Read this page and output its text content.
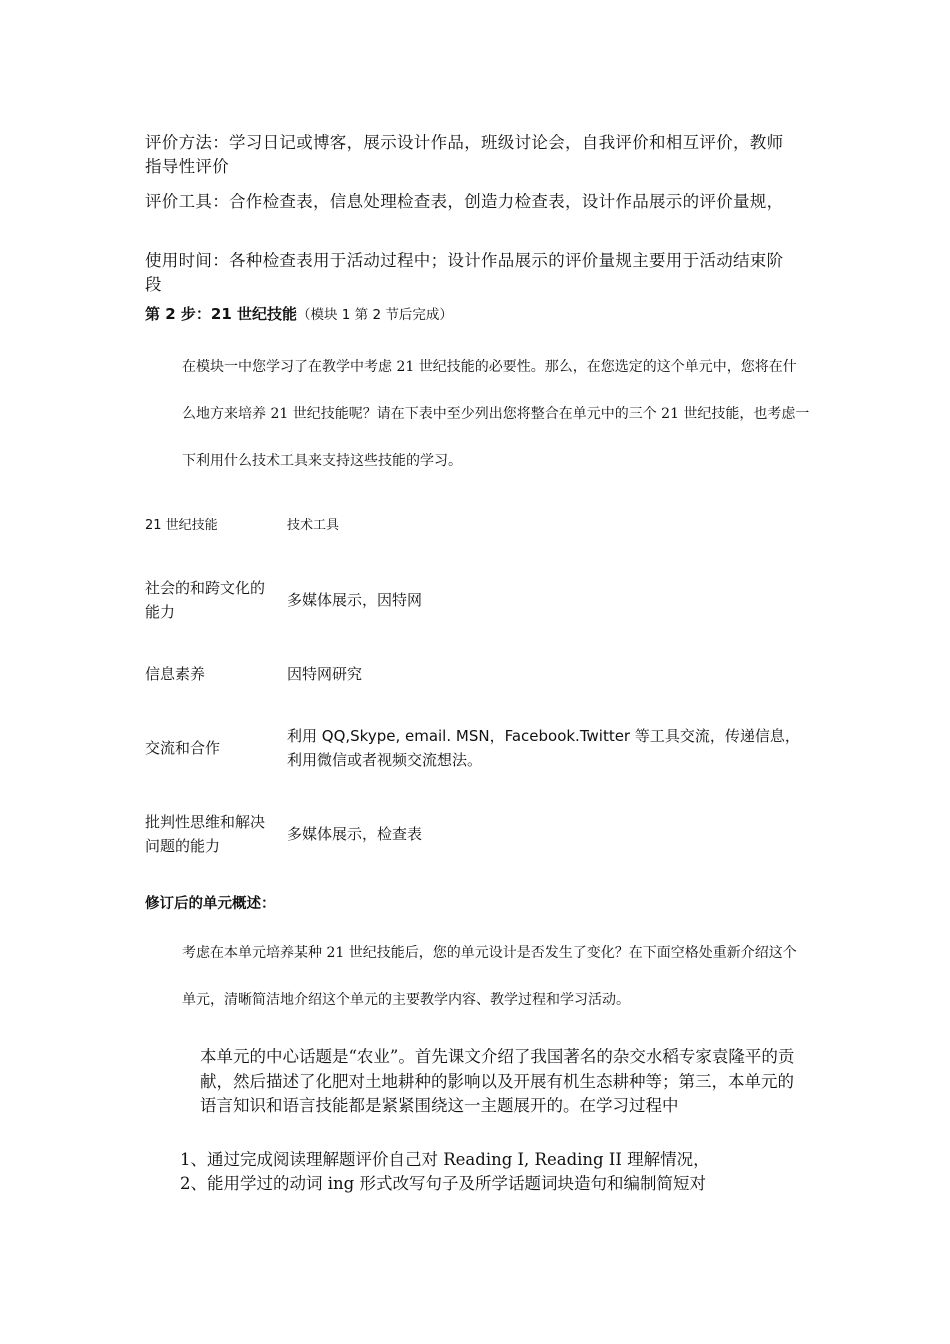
评价方法：学习日记或博客，展示设计作品，班级讨论会，自我评价和相互评价，教师指导性评价
评价工具：合作检查表，信息处理检查表，创造力检查表，设计作品展示的评价量规，
使用时间：各种检查表用于活动过程中；设计作品展示的评价量规主要用于活动结束阶段
第 2 步：21 世纪技能（模块 1 第 2 节后完成）
在模块一中您学习了在教学中考虑 21 世纪技能的必要性。那么，在您选定的这个单元中，您将在什么地方来培养 21 世纪技能呢？请在下表中至少列出您将整合在单元中的三个 21 世纪技能，也考虑一下利用什么技术工具来支持这些技能的学习。
21 世纪技能	技术工具
社会的和跨文化的能力
多媒体展示，因特网
信息素养	因特网研究
交流和合作
利用 QQ,Skype, email. MSN，Facebook.Twitter 等工具交流，传递信息，利用微信或者视频交流想法。
批判性思维和解决问题的能力
多媒体展示，检查表
修订后的单元概述：
考虑在本单元培养某种 21 世纪技能后，您的单元设计是否发生了变化？在下面空格处重新介绍这个单元，清晰简洁地介绍这个单元的主要教学内容、教学过程和学习活动。
本单元的中心话题是“农业”。首先课文介绍了我国著名的杂交水稻专家袁隆平的贡献，然后描述了化肥对土地耕种的影响以及开展有机生态耕种等；第三，本单元的语言知识和语言技能都是紧紧围绕这一主题展开的。在学习过程中
1、通过完成阅读理解题评价自己对 Reading I, Reading II 理解情况，
2、能用学过的动词 ing 形式改写句子及所学话题词块造句和编制简短对
